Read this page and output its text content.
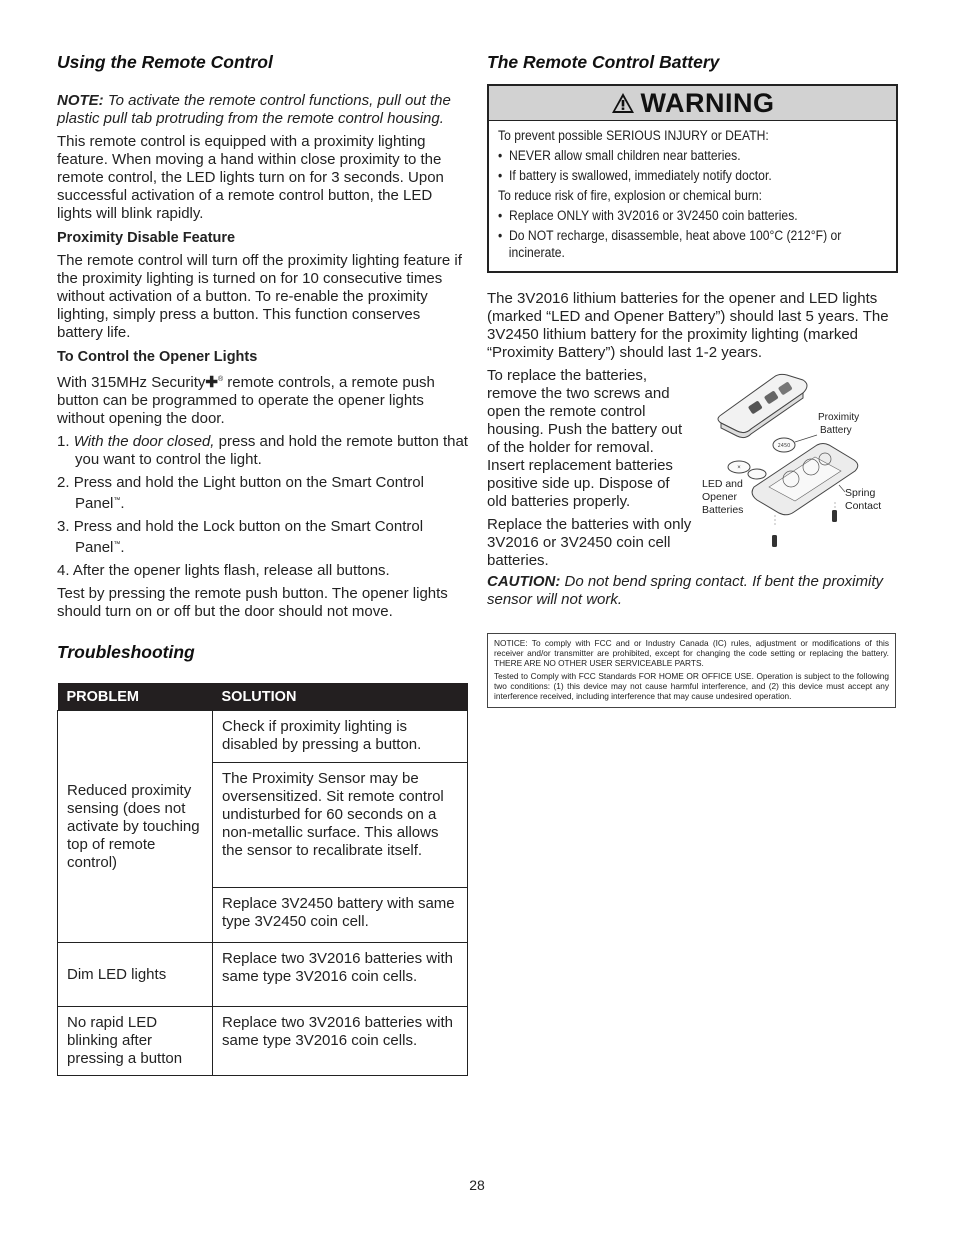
Using the Remote Control

NOTE: To activate the remote control functions, pull out the plastic pull tab protruding from the remote control housing.

This remote control is equipped with a proximity lighting feature. When moving a hand within close proximity to the remote control, the LED lights turn on for 3 seconds. Upon successful activation of a remote control button, the LED lights will blink rapidly.

Proximity Disable Feature

The remote control will turn off the proximity lighting feature if the proximity lighting is turned on for 10 consecutive times without activation of a button. To re-enable the proximity lighting, simply press a button. This function conserves battery life.

To Control the Opener Lights

With 315MHz Security✚® remote controls, a remote push button can be programmed to operate the opener lights without opening the door.

1. With the door closed, press and hold the remote button that you want to control the light.
2. Press and hold the Light button on the Smart Control Panel™.
3. Press and hold the Lock button on the Smart Control Panel™.
4. After the opener lights flash, release all buttons.

Test by pressing the remote push button. The opener lights should turn on or off but the door should not move.

Troubleshooting
PROBLEM	SOLUTION
Reduced proximity sensing (does not activate by touching top of remote control)	Check if proximity lighting is disabled by pressing a button.
	The Proximity Sensor may be oversensitized. Sit remote control undisturbed for 60 seconds on a non-metallic surface. This allows the sensor to recalibrate itself.
	Replace 3V2450 battery with same type 3V2450 coin cell.
Dim LED lights	Replace two 3V2016 batteries with same type 3V2016 coin cells.
No rapid LED blinking after pressing a button	Replace two 3V2016 batteries with same type 3V2016 coin cells.
The Remote Control Battery
WARNING
To prevent possible SERIOUS INJURY or DEATH:
•  NEVER allow small children near batteries.
•  If battery is swallowed, immediately notify doctor.
To reduce risk of fire, explosion or chemical burn:
•  Replace ONLY with 3V2016 or 3V2450 coin batteries.
•  Do NOT recharge, disassemble, heat above 100°C (212°F) or incinerate.

The 3V2016 lithium batteries for the opener and LED lights (marked “LED and Opener Battery”) should last 5 years. The 3V2450 lithium battery for the proximity lighting (marked “Proximity Battery”) should last 1-2 years.

To replace the batteries, remove the two screws and open the remote control housing. Push the battery out of the holder for removal. Insert replacement batteries positive side up. Dispose of old batteries properly.

Replace the batteries with only 3V2016 or 3V2450 coin cell batteries.

2450
×
Proximity
Battery
LED and
Opener
Batteries
Spring
Contact

CAUTION: Do not bend spring contact. If bent the proximity sensor will not work.

NOTICE: To comply with FCC and or Industry Canada (IC) rules, adjustment or modifications of this receiver and/or transmitter are prohibited, except for changing the code setting or replacing the battery. THERE ARE NO OTHER USER SERVICEABLE PARTS.

Tested to Comply with FCC Standards FOR HOME OR OFFICE USE. Operation is subject to the following two conditions: (1) this device may not cause harmful interference, and (2) this device must accept any interference received, including interference that may cause undesired operation.

28
